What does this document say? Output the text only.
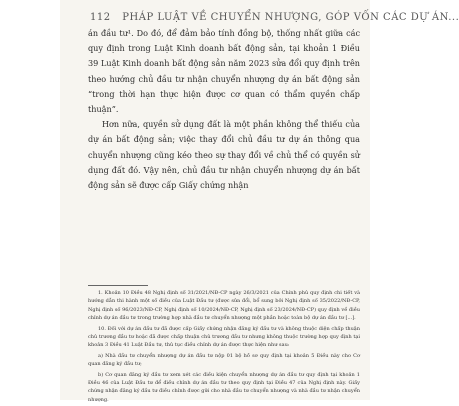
112 PHÁP LUẬT VỀ CHUYỂN NHƯỢNG, GÓP VỐN CÁC DỰ ÁN...

án đầu tư¹. Do đó, để đảm bảo tính đồng bộ, thống nhất giữa các quy định trong Luật Kinh doanh bất động sản, tại khoản 1 Điều 39 Luật Kinh doanh bất động sản năm 2023 sửa đổi quy định trên theo hướng chủ đầu tư nhận chuyển nhượng dự án bất động sản “trong thời hạn thực hiện được cơ quan có thẩm quyền chấp thuận”.

Hơn nữa, quyền sử dụng đất là một phần không thể thiếu của dự án bất động sản; việc thay đổi chủ đầu tư dự án thông qua chuyển nhượng cũng kéo theo sự thay đổi về chủ thể có quyền sử dụng đất đó. Vậy nên, chủ đầu tư nhận chuyển nhượng dự án bất động sản sẽ được cấp Giấy chứng nhận

1. Khoản 10 Điều 48 Nghị định số 31/2021/NĐ-CP ngày 26/3/2021 của Chính phủ quy định chi tiết và hướng dẫn thi hành một số điều của Luật Đầu tư (được sửa đổi, bổ sung bởi Nghị định số 35/2022/NĐ-CP, Nghị định số 96/2023/NĐ-CP, Nghị định số 10/2024/NĐ-CP, Nghị định số 23/2024/NĐ-CP) quy định về điều chỉnh dự án đầu tư trong trường hợp nhà đầu tư chuyển nhượng một phần hoặc toàn bộ dự án đầu tư [...].

10. Đối với dự án đầu tư đã được cấp Giấy chứng nhận đăng ký đầu tư và không thuộc diện chấp thuận chủ trương đầu tư hoặc đã được chấp thuận chủ trương đầu tư nhưng không thuộc trường hợp quy định tại khoản 3 Điều 41 Luật Đầu tư, thủ tục điều chỉnh dự án được thực hiện như sau:

a) Nhà đầu tư chuyển nhượng dự án đầu tư nộp 01 bộ hồ sơ quy định tại khoản 5 Điều này cho Cơ quan đăng ký đầu tư;

b) Cơ quan đăng ký đầu tư xem xét các điều kiện chuyển nhượng dự án đầu tư quy định tại khoản 1 Điều 46 của Luật Đầu tư để điều chỉnh dự án đầu tư theo quy định tại Điều 47 của Nghị định này. Giấy chứng nhận đăng ký đầu tư điều chỉnh được gửi cho nhà đầu tư chuyển nhượng và nhà đầu tư nhận chuyển nhượng.
